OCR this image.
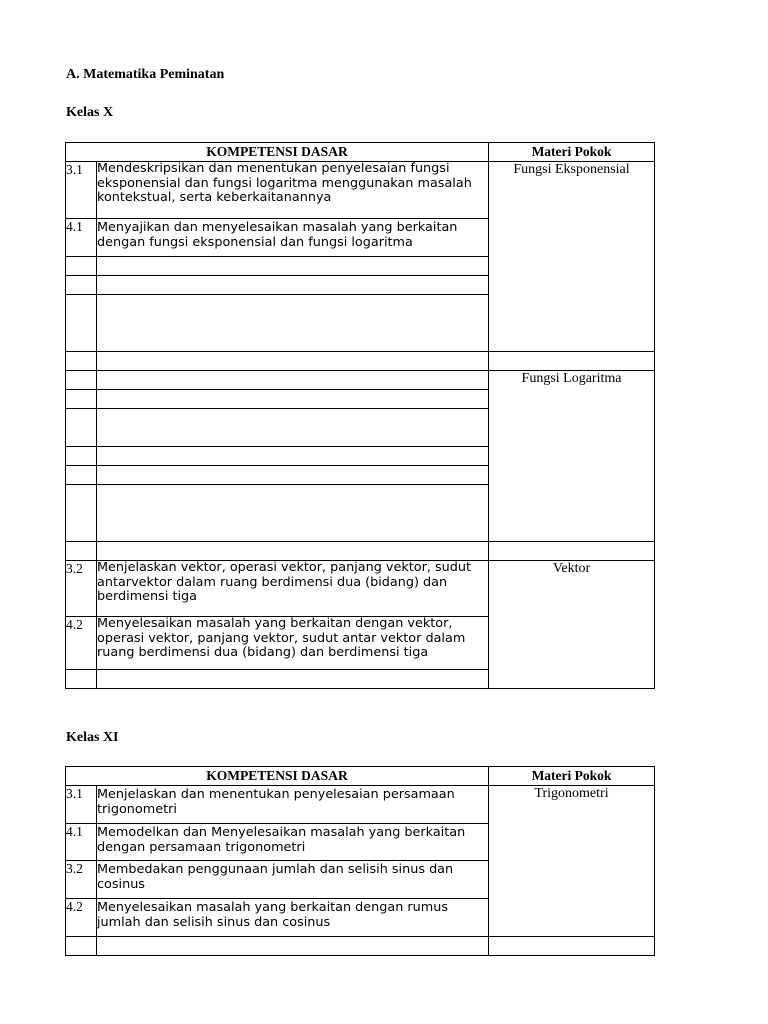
A. Matematika Peminatan

Kelas X

KOMPETENSI DASAR		Materi Pokok
3.1	Mendeskripsikan dan menentukan penyelesaian fungsi eksponensial dan fungsi logaritma menggunakan masalah kontekstual, serta keberkaitanannya	Fungsi Eksponensial
4.1	Menyajikan dan menyelesaikan masalah yang berkaitan dengan fungsi eksponensial dan fungsi logaritma	

		Fungsi Logaritma

3.2	Menjelaskan vektor, operasi vektor, panjang vektor, sudut antarvektor dalam ruang berdimensi dua (bidang) dan berdimensi tiga	Vektor
4.2	Menyelesaikan masalah yang berkaitan dengan vektor, operasi vektor, panjang vektor, sudut antar vektor dalam ruang berdimensi dua (bidang) dan berdimensi tiga	

Kelas XI

KOMPETENSI DASAR		Materi Pokok
3.1	Menjelaskan dan menentukan penyelesaian persamaan trigonometri	Trigonometri
4.1	Memodelkan dan Menyelesaikan masalah yang berkaitan dengan persamaan trigonometri	
3.2	Membedakan penggunaan jumlah dan selisih sinus dan cosinus	
4.2	Menyelesaikan masalah yang berkaitan dengan rumus jumlah dan selisih sinus dan cosinus	
